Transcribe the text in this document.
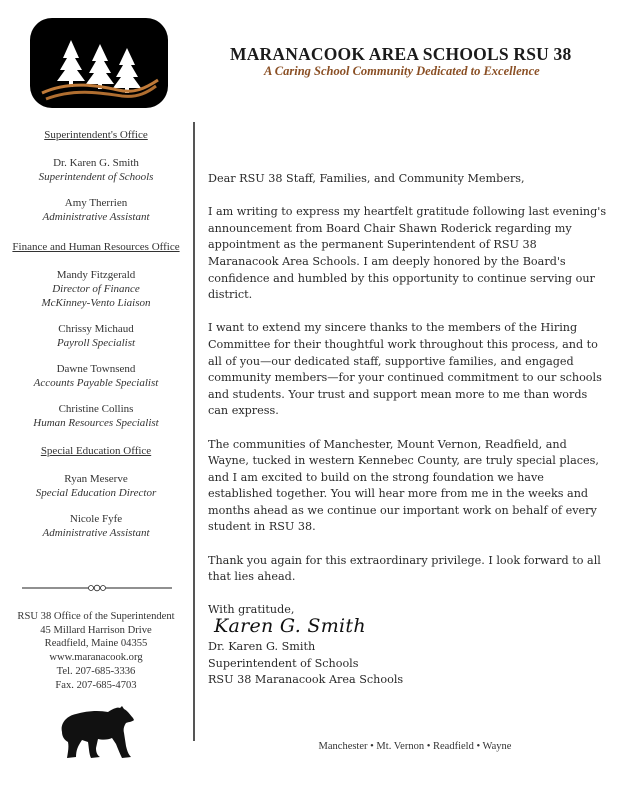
MARANACOOK AREA SCHOOLS RSU 38
A Caring School Community Dedicated to Excellence
Superintendent's Office
Dr. Karen G. Smith
Superintendent of Schools
Amy Therrien
Administrative Assistant
Finance and Human Resources Office
Mandy Fitzgerald
Director of Finance
McKinney-Vento Liaison
Chrissy Michaud
Payroll Specialist
Dawne Townsend
Accounts Payable Specialist
Christine Collins
Human Resources Specialist
Special Education Office
Ryan Meserve
Special Education Director
Nicole Fyfe
Administrative Assistant
RSU 38 Office of the Superintendent
45 Millard Harrison Drive
Readfield, Maine 04355
www.maranacook.org
Tel. 207-685-3336
Fax. 207-685-4703

Dear RSU 38 Staff, Families, and Community Members,

I am writing to express my heartfelt gratitude following last evening's announcement from Board Chair Shawn Roderick regarding my appointment as the permanent Superintendent of RSU 38 Maranacook Area Schools. I am deeply honored by the Board's confidence and humbled by this opportunity to continue serving our district.

I want to extend my sincere thanks to the members of the Hiring Committee for their thoughtful work throughout this process, and to all of you—our dedicated staff, supportive families, and engaged community members—for your continued commitment to our schools and students. Your trust and support mean more to me than words can express.

The communities of Manchester, Mount Vernon, Readfield, and Wayne, tucked in western Kennebec County, are truly special places, and I am excited to build on the strong foundation we have established together. You will hear more from me in the weeks and months ahead as we continue our important work on behalf of every student in RSU 38.

Thank you again for this extraordinary privilege. I look forward to all that lies ahead.

With gratitude,
Karen G. Smith
Dr. Karen G. Smith
Superintendent of Schools
RSU 38 Maranacook Area Schools
Manchester • Mt. Vernon • Readfield • Wayne
